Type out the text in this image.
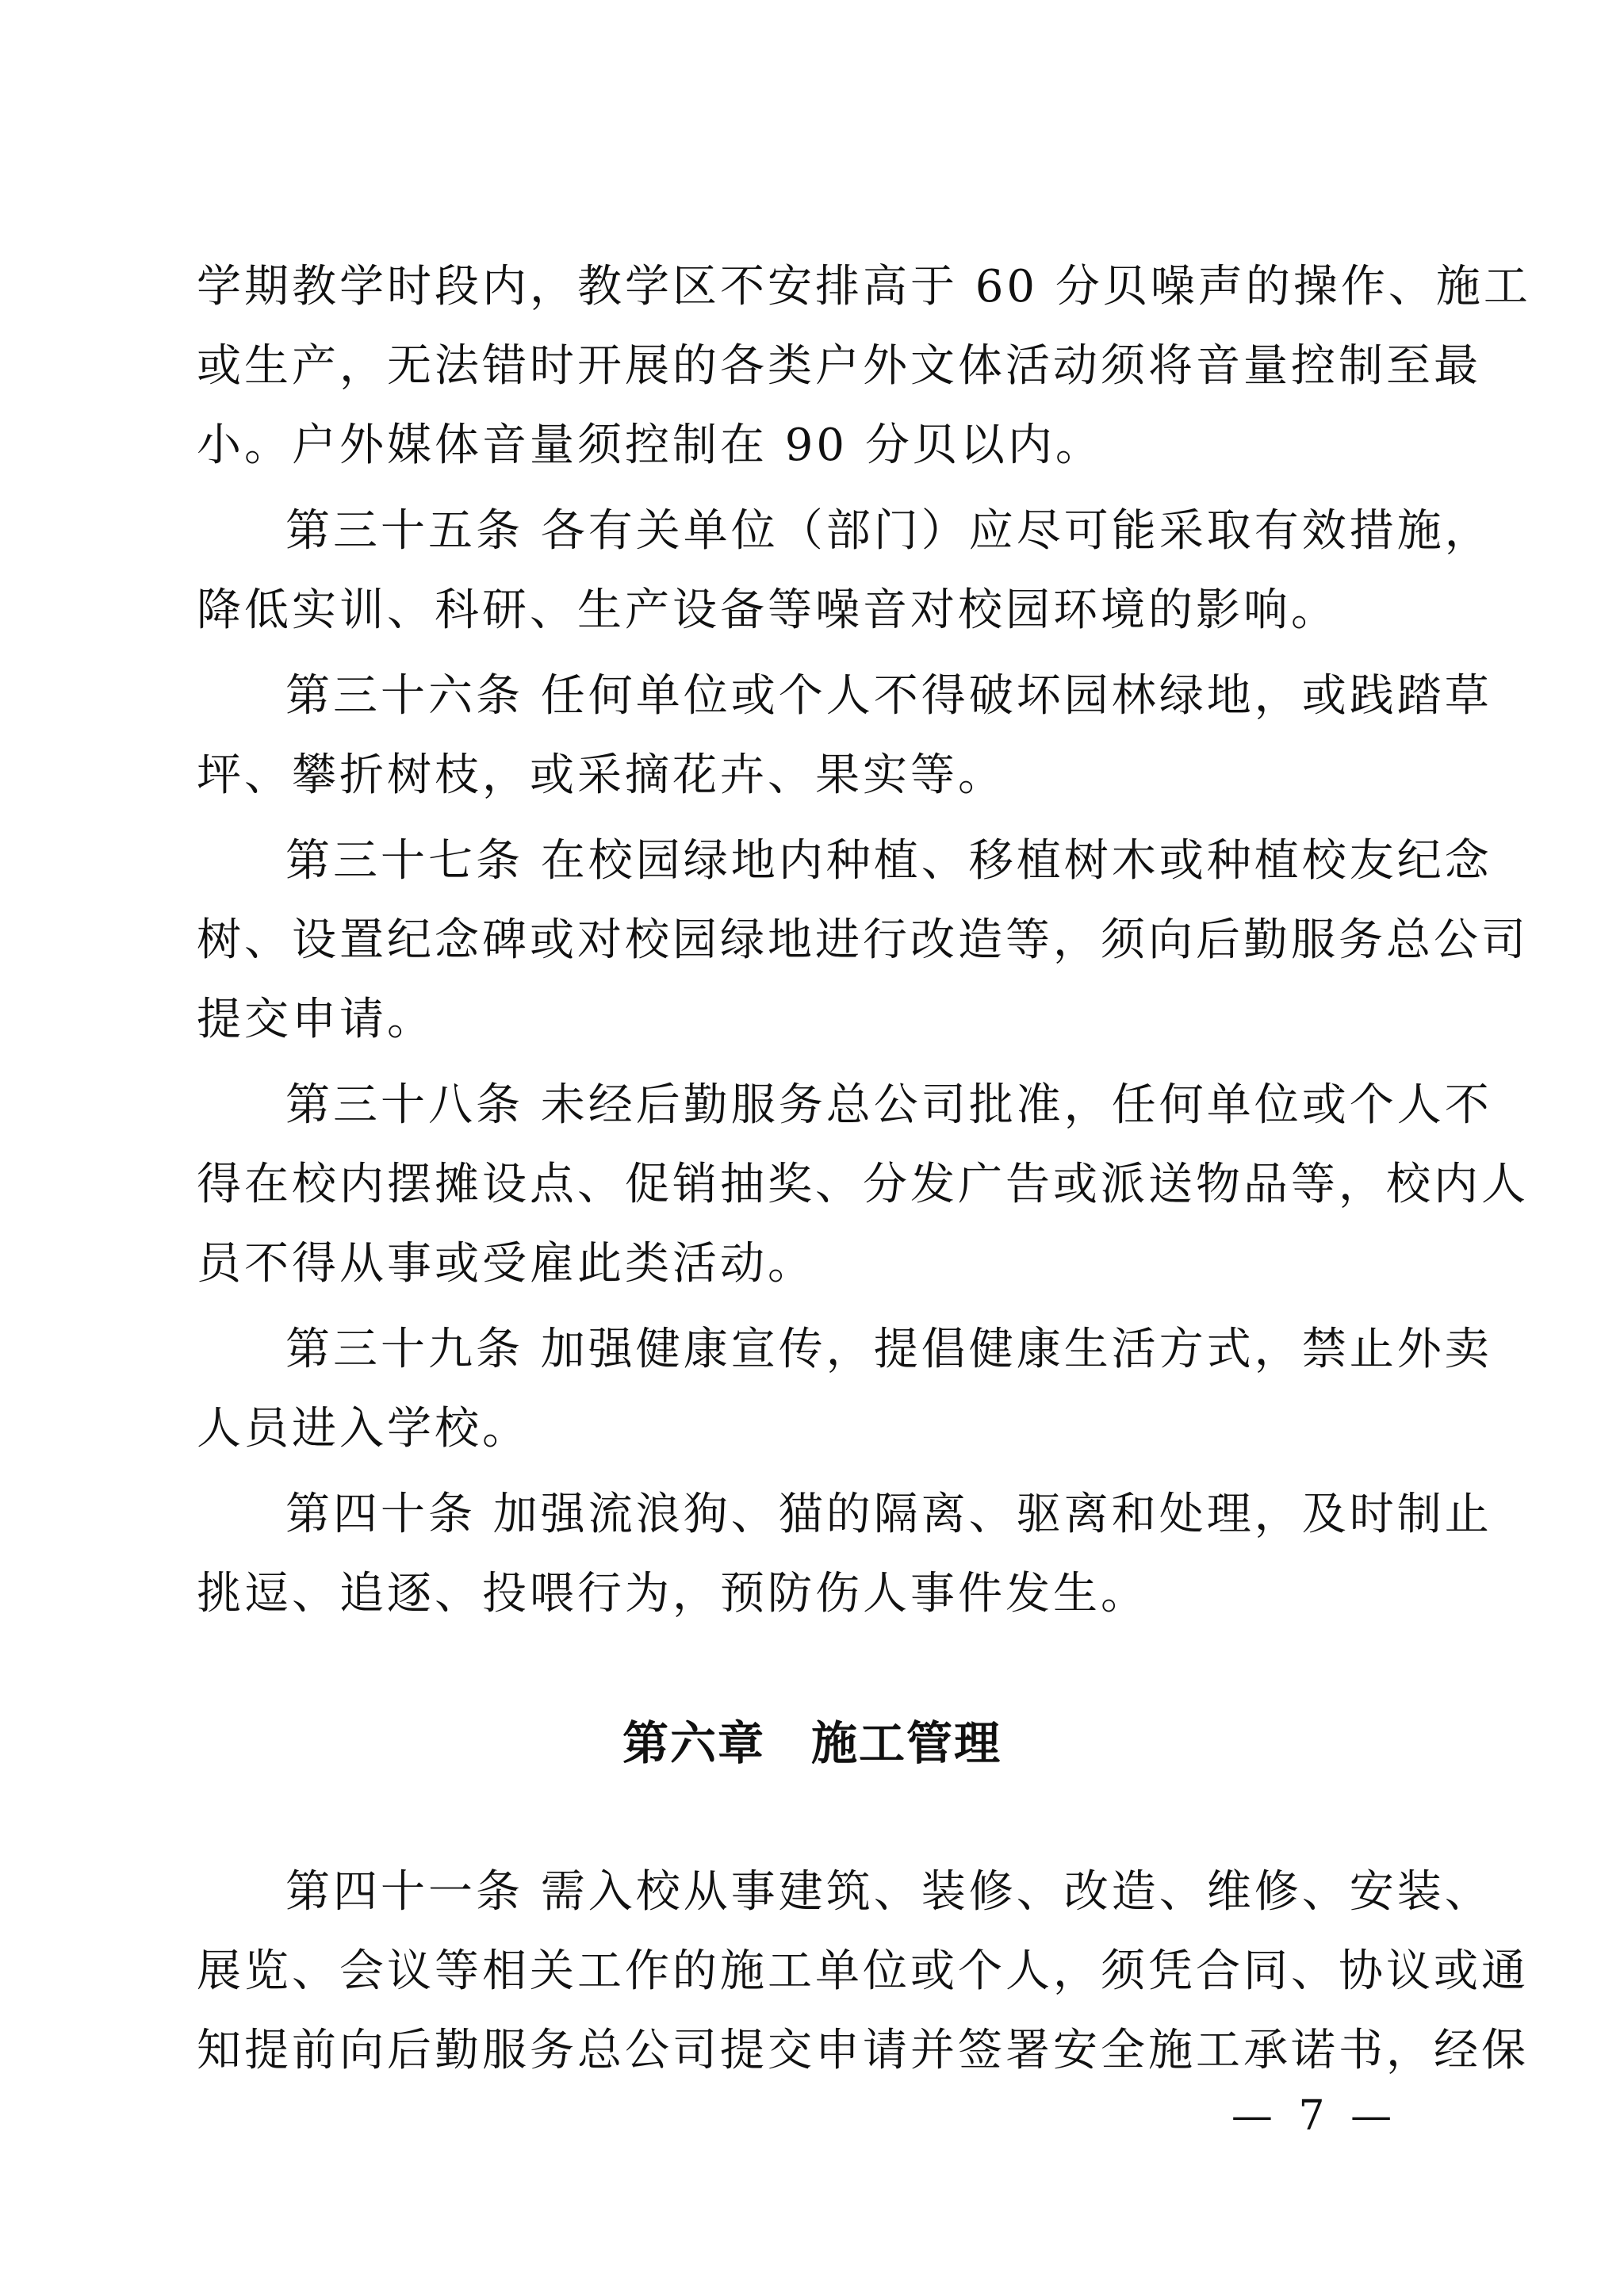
学期教学时段内，教学区不安排高于 60 分贝噪声的操作、施工
或生产，无法错时开展的各类户外文体活动须将音量控制至最
小。户外媒体音量须控制在 90 分贝以内。
第三十五条 各有关单位（部门）应尽可能采取有效措施，
降低实训、科研、生产设备等噪音对校园环境的影响。
第三十六条 任何单位或个人不得破坏园林绿地，或践踏草
坪、攀折树枝，或采摘花卉、果实等。
第三十七条 在校园绿地内种植、移植树木或种植校友纪念
树、设置纪念碑或对校园绿地进行改造等，须向后勤服务总公司
提交申请。
第三十八条 未经后勤服务总公司批准，任何单位或个人不
得在校内摆摊设点、促销抽奖、分发广告或派送物品等，校内人
员不得从事或受雇此类活动。
第三十九条 加强健康宣传，提倡健康生活方式，禁止外卖
人员进入学校。
第四十条 加强流浪狗、猫的隔离、驱离和处理，及时制止
挑逗、追逐、投喂行为，预防伤人事件发生。
第六章 施工管理
第四十一条 需入校从事建筑、装修、改造、维修、安装、
展览、会议等相关工作的施工单位或个人，须凭合同、协议或通
知提前向后勤服务总公司提交申请并签署安全施工承诺书，经保
— 7 —
